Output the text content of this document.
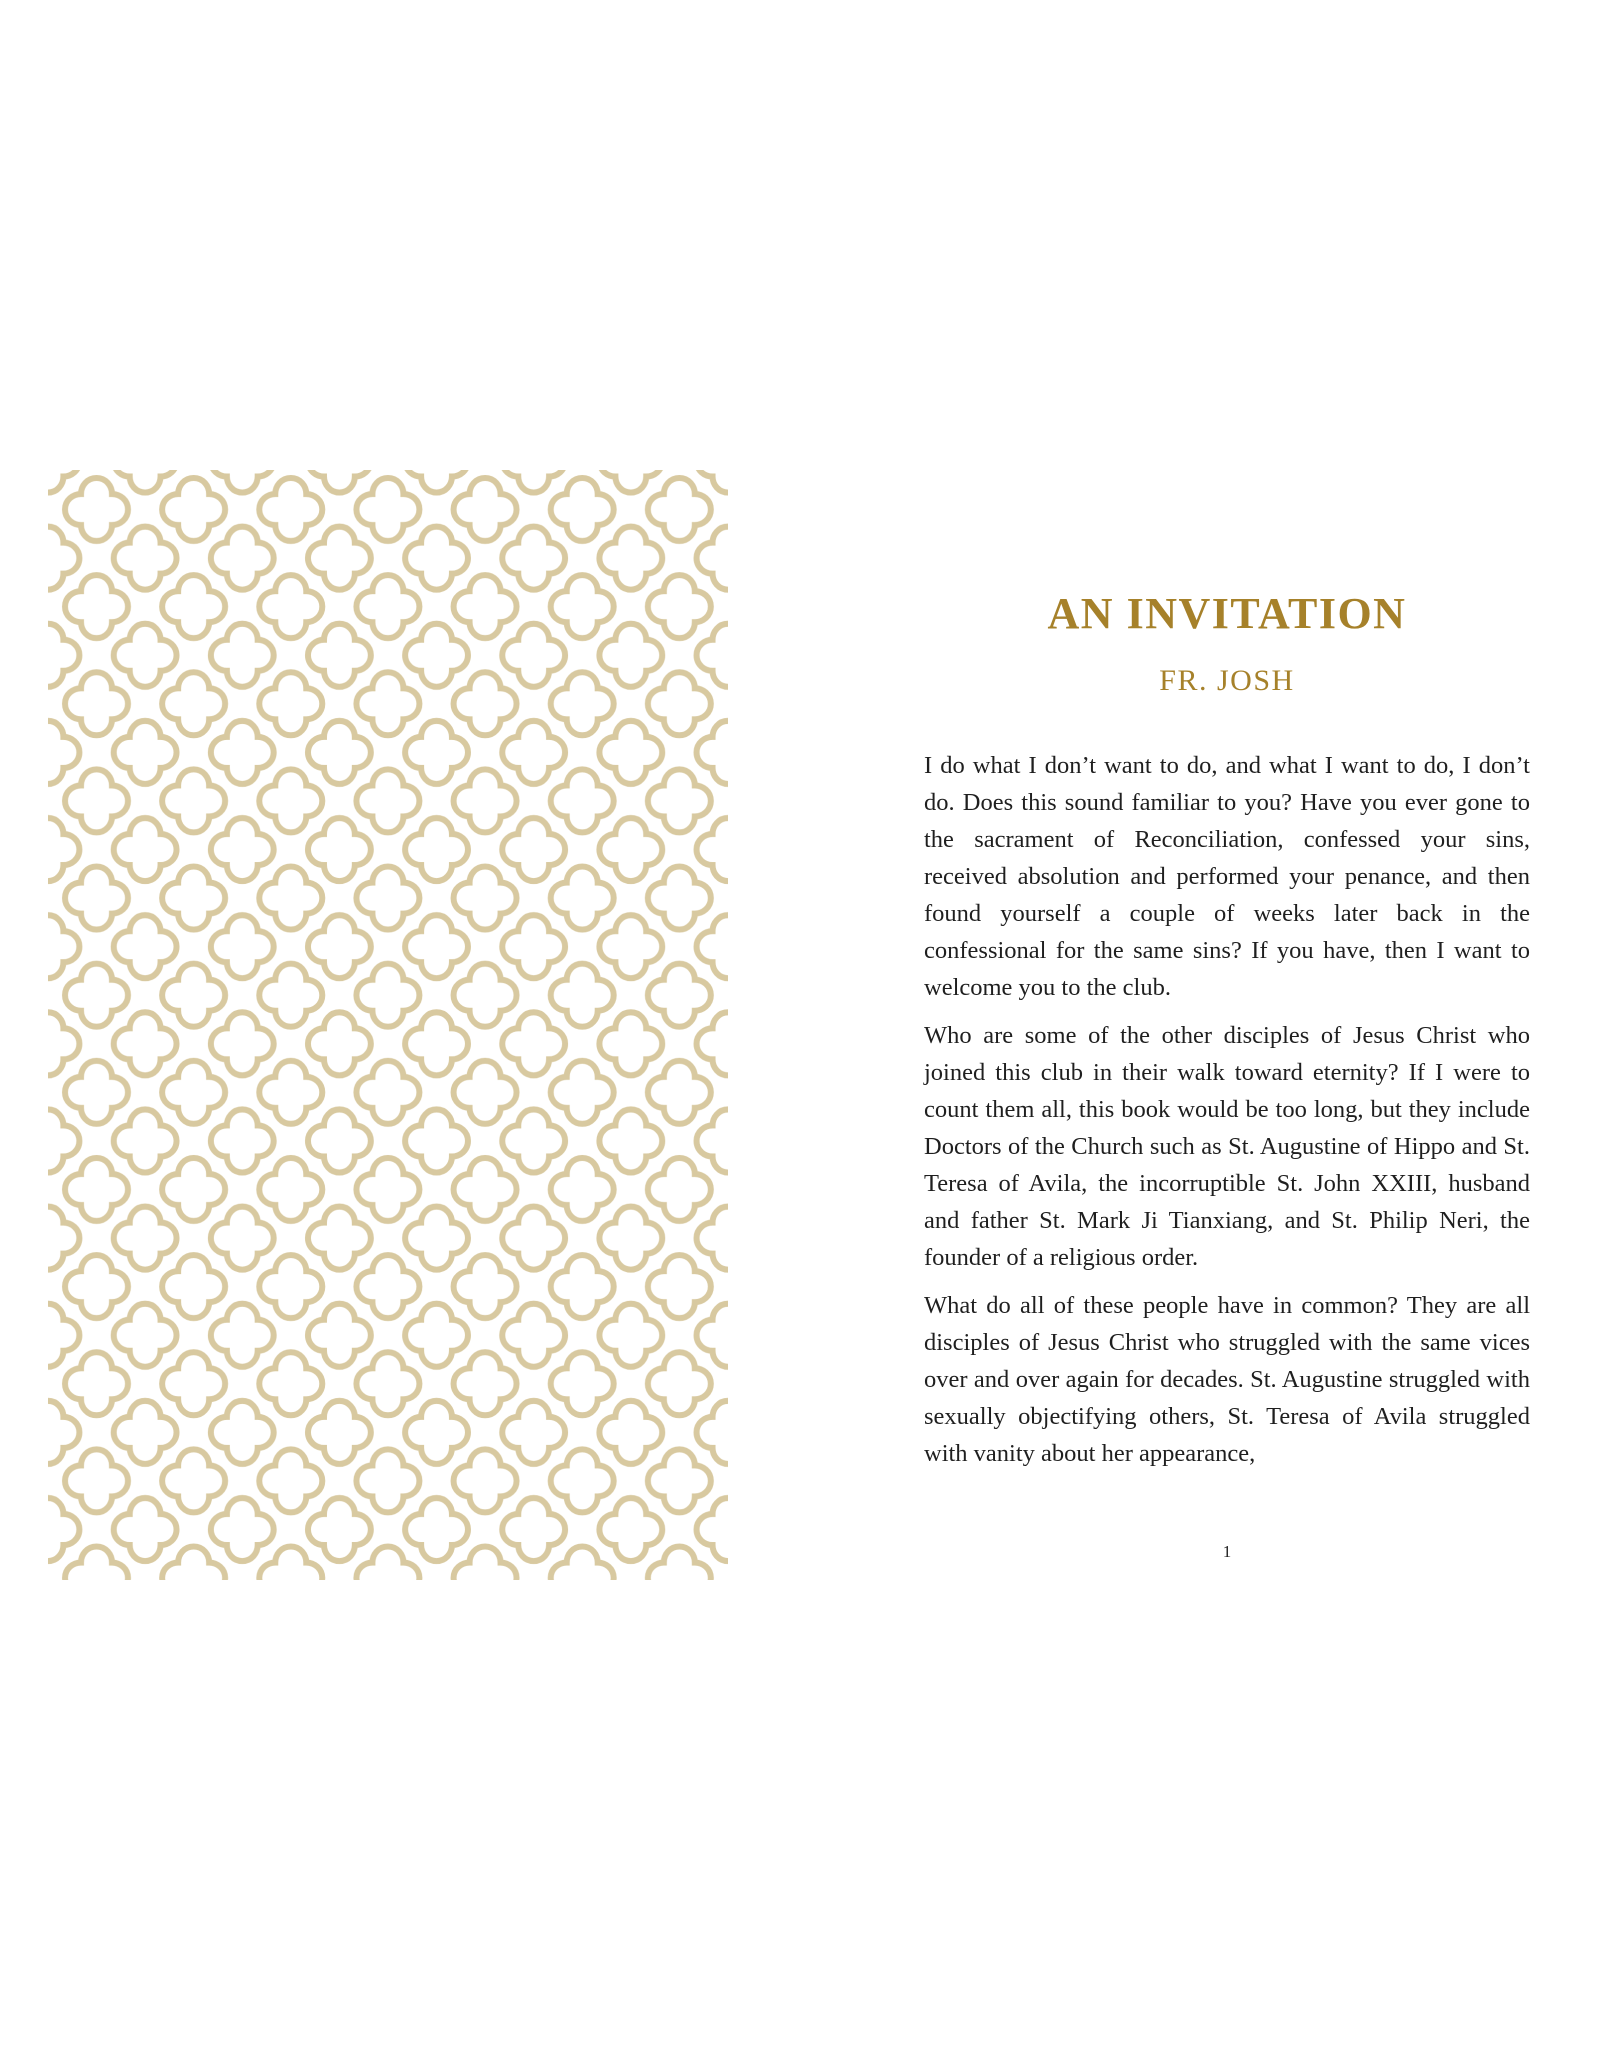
AN INVITATION
FR. JOSH

I do what I don’t want to do, and what I want to do, I don’t do. Does this sound familiar to you? Have you ever gone to the sacrament of Reconciliation, confessed your sins, received absolution and performed your penance, and then found yourself a couple of weeks later back in the confessional for the same sins? If you have, then I want to welcome you to the club.

Who are some of the other disciples of Jesus Christ who joined this club in their walk toward eternity? If I were to count them all, this book would be too long, but they include Doctors of the Church such as St. Augustine of Hippo and St. Teresa of Avila, the incorruptible St. John XXIII, husband and father St. Mark Ji Tianxiang, and St. Philip Neri, the founder of a religious order.

What do all of these people have in common? They are all disciples of Jesus Christ who struggled with the same vices over and over again for decades. St. Augustine struggled with sexually objectifying others, St. Teresa of Avila struggled with vanity about her appearance,

1
